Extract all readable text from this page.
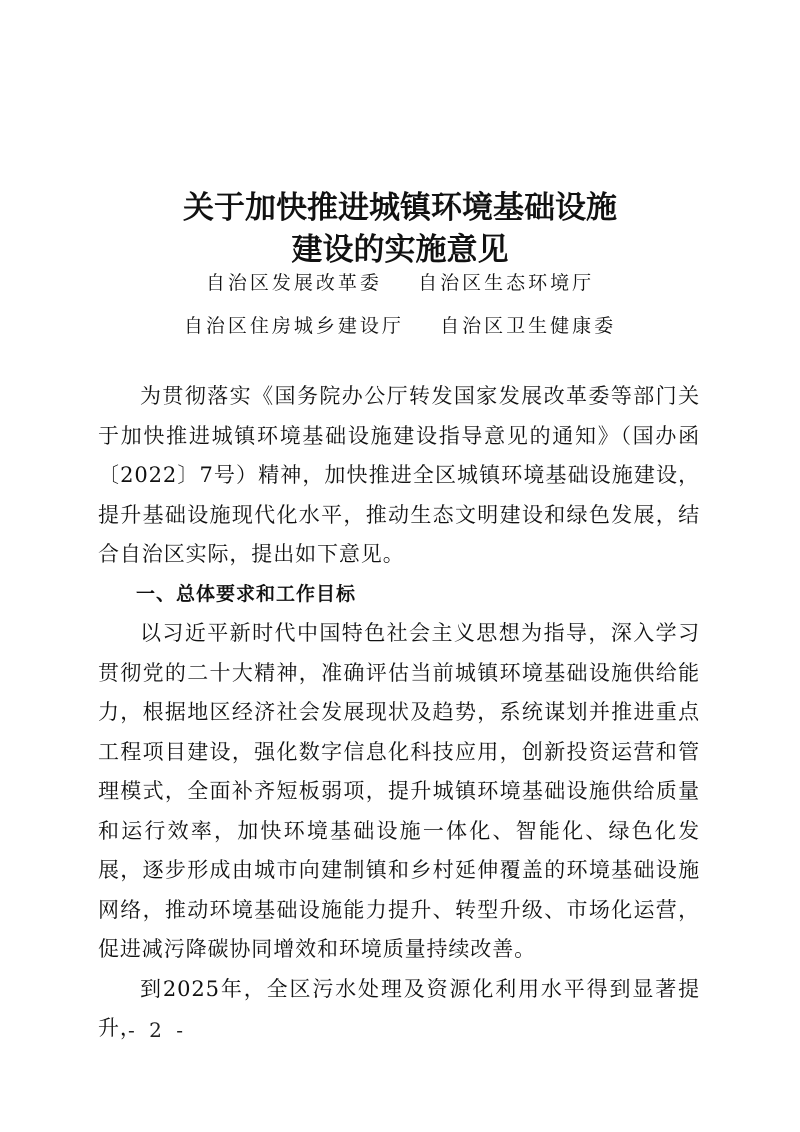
关于加快推进城镇环境基础设施
建设的实施意见
自治区发展改革委    自治区生态环境厅
自治区住房城乡建设厅    自治区卫生健康委

为贯彻落实《国务院办公厅转发国家发展改革委等部门关于加快推进城镇环境基础设施建设指导意见的通知》（国办函〔2022〕7号）精神，加快推进全区城镇环境基础设施建设，提升基础设施现代化水平，推动生态文明建设和绿色发展，结合自治区实际，提出如下意见。

一、总体要求和工作目标

以习近平新时代中国特色社会主义思想为指导，深入学习贯彻党的二十大精神，准确评估当前城镇环境基础设施供给能力，根据地区经济社会发展现状及趋势，系统谋划并推进重点工程项目建设，强化数字信息化科技应用，创新投资运营和管理模式，全面补齐短板弱项，提升城镇环境基础设施供给质量和运行效率，加快环境基础设施一体化、智能化、绿色化发展，逐步形成由城市向建制镇和乡村延伸覆盖的环境基础设施网络，推动环境基础设施能力提升、转型升级、市场化运营，促进减污降碳协同增效和环境质量持续改善。

到2025年，全区污水处理及资源化利用水平得到显著提升，

- 2 -
